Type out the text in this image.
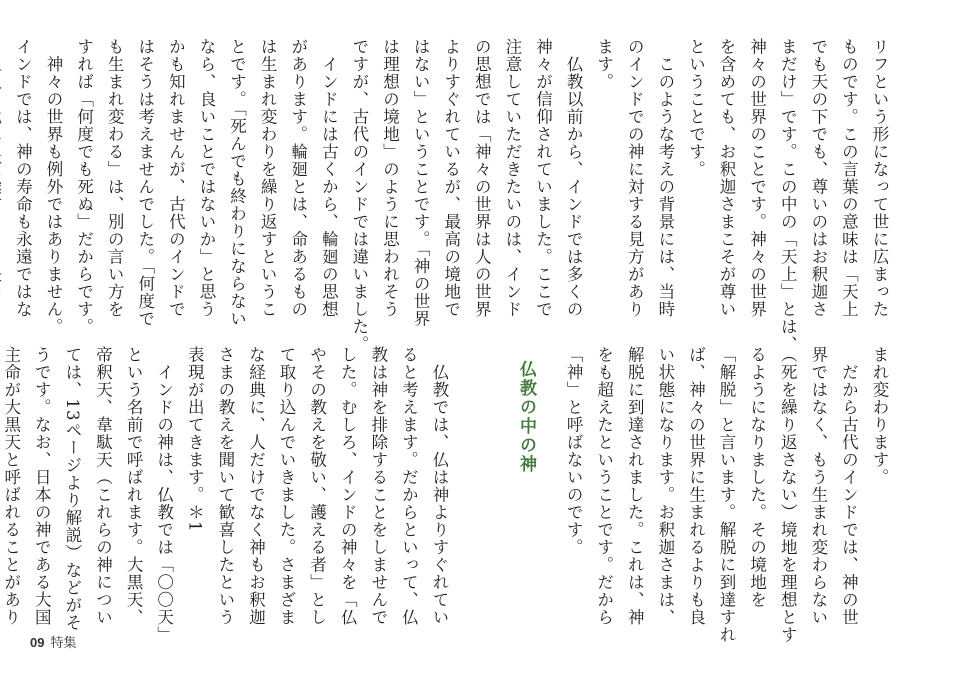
リフという形になって世に広まった
ものです。この言葉の意味は「天上
でも天の下でも、尊いのはお釈迦さ
まだけ」です。この中の「天上」とは、
神々の世界のことです。神々の世界
を含めても、お釈迦さまこそが尊い
ということです。
　このような考えの背景には、当時
のインドでの神に対する見方があり
ます。
　仏教以前から、インドでは多くの
神々が信仰されていました。ここで
注意していただきたいのは、インド
の思想では「神々の世界は人の世界
よりすぐれているが、最高の境地で
はない」ということです。「神の世界
は理想の境地」のように思われそう
ですが、古代のインドでは違いました。
　インドには古くから、輪廻の思想
があります。輪廻とは、命あるもの
は生まれ変わりを繰り返すというこ
とです。「死んでも終わりにならない
なら、良いことではないか」と思う
かも知れませんが、古代のインドで
はそうは考えませんでした。「何度で
も生まれ変わる」は、別の言い方を
すれば「何度でも死ぬ」だからです。
　神々の世界も例外ではありません。
インドでは、神の寿命も永遠ではな

まれ変わります。
　だから古代のインドでは、神の世
界ではなく、もう生まれ変わらない
（死を繰り返さない）境地を理想とす
るようになりました。その境地を
「解脱」と言います。解脱に到達すれ
ば、神々の世界に生まれるよりも良
い状態になります。お釈迦さまは、
解脱に到達されました。これは、神
をも超えたということです。だから
「神」と呼ばないのです。
仏教の中の神
　仏教では、仏は神よりすぐれてい
ると考えます。だからといって、仏
教は神を排除することをしませんで
した。むしろ、インドの神々を「仏
やその教えを敬い、護える者」とし
て取り込んでいきました。さまざま
な経典に、人だけでなく神もお釈迦
さまの教えを聞いて歓喜したという
表現が出てきます。＊1
　インドの神は、仏教では「〇〇天」
という名前で呼ばれます。大黒天、
帝釈天、韋駄天（これらの神につい
ては、13ページより解説）などがそ
うです。なお、日本の神である大国
主命が大黒天と呼ばれることがあり

09 特集
